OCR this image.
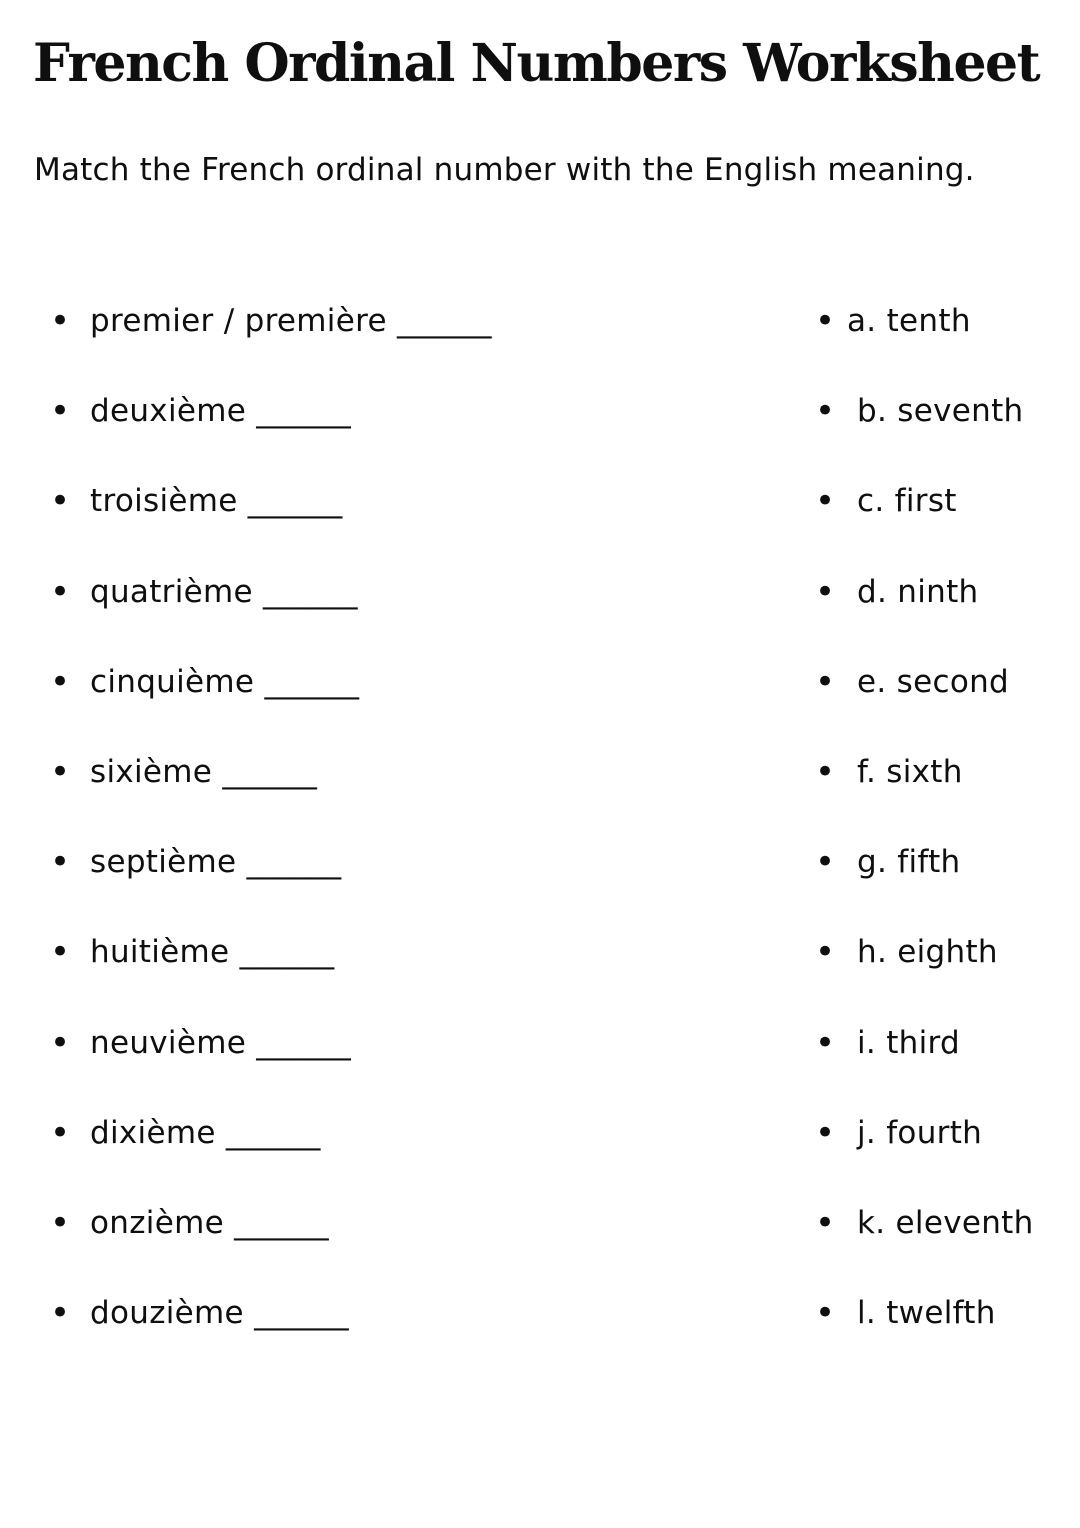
French Ordinal Numbers Worksheet

Match the French ordinal number with the English meaning.

• premier / première ______
• deuxième ______
• troisième ______
• quatrième ______
• cinquième ______
• sixième ______
• septième ______
• huitième ______
• neuvième ______
• dixième ______
• onzième ______
• douzième ______
• a. tenth
• b. seventh
• c. first
• d. ninth
• e. second
• f. sixth
• g. fifth
• h. eighth
• i. third
• j. fourth
• k. eleventh
• l. twelfth
